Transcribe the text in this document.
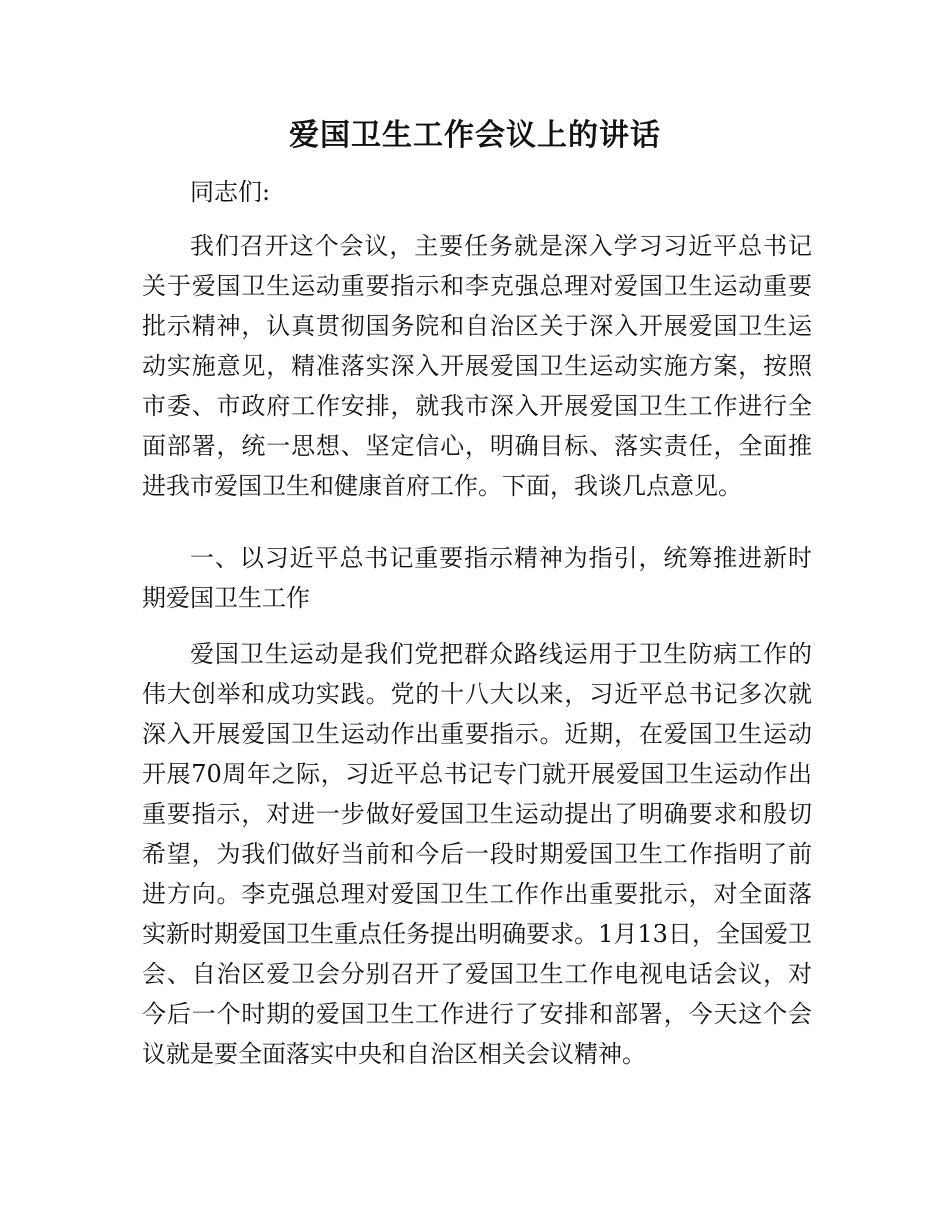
爱国卫生工作会议上的讲话

同志们:

我们召开这个会议，主要任务就是深入学习习近平总书记关于爱国卫生运动重要指示和李克强总理对爱国卫生运动重要批示精神，认真贯彻国务院和自治区关于深入开展爱国卫生运动实施意见，精准落实深入开展爱国卫生运动实施方案，按照市委、市政府工作安排，就我市深入开展爱国卫生工作进行全面部署，统一思想、坚定信心，明确目标、落实责任，全面推进我市爱国卫生和健康首府工作。下面，我谈几点意见。

一、以习近平总书记重要指示精神为指引，统筹推进新时期爱国卫生工作

爱国卫生运动是我们党把群众路线运用于卫生防病工作的伟大创举和成功实践。党的十八大以来，习近平总书记多次就深入开展爱国卫生运动作出重要指示。近期，在爱国卫生运动开展70周年之际，习近平总书记专门就开展爱国卫生运动作出重要指示，对进一步做好爱国卫生运动提出了明确要求和殷切希望，为我们做好当前和今后一段时期爱国卫生工作指明了前进方向。李克强总理对爱国卫生工作作出重要批示，对全面落实新时期爱国卫生重点任务提出明确要求。1月13日，全国爱卫会、自治区爱卫会分别召开了爱国卫生工作电视电话会议，对今后一个时期的爱国卫生工作进行了安排和部署，今天这个会议就是要全面落实中央和自治区相关会议精神。
